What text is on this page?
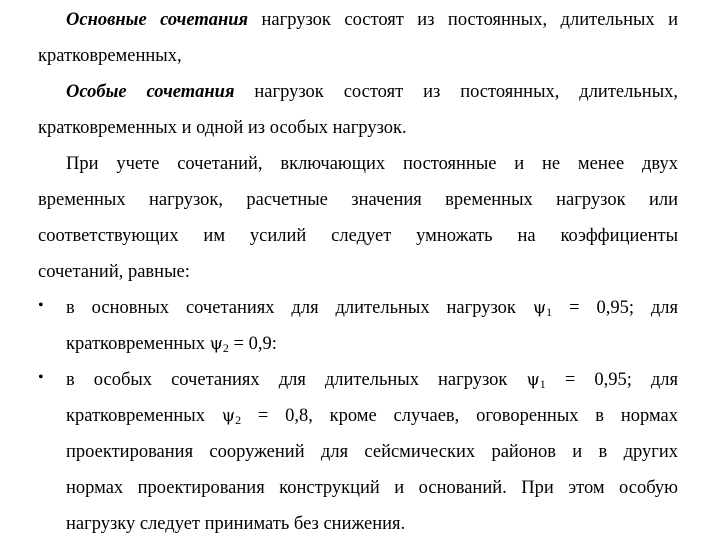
Основные сочетания нагрузок состоят из постоянных, длительных и
кратковременных,
Особые сочетания нагрузок состоят из постоянных, длительных,
кратковременных и одной из особых нагрузок.
При учете сочетаний, включающих постоянные и не менее двух
временных нагрузок, расчетные значения временных нагрузок или
соответствующих им усилий следует умножать на коэффициенты
сочетаний, равные:
•	в основных сочетаниях для длительных нагрузок $\psi_1 = 0,95$; для
кратковременных $\psi_2 = 0,9$:
•	в особых сочетаниях для длительных нагрузок $\psi_1 = 0,95$; для
кратковременных $\psi_2 = 0,8$, кроме случаев, оговоренных в нормах
проектирования сооружений для сейсмических районов и в других
нормах проектирования конструкций и оснований. При этом особую
нагрузку следует принимать без снижения.
